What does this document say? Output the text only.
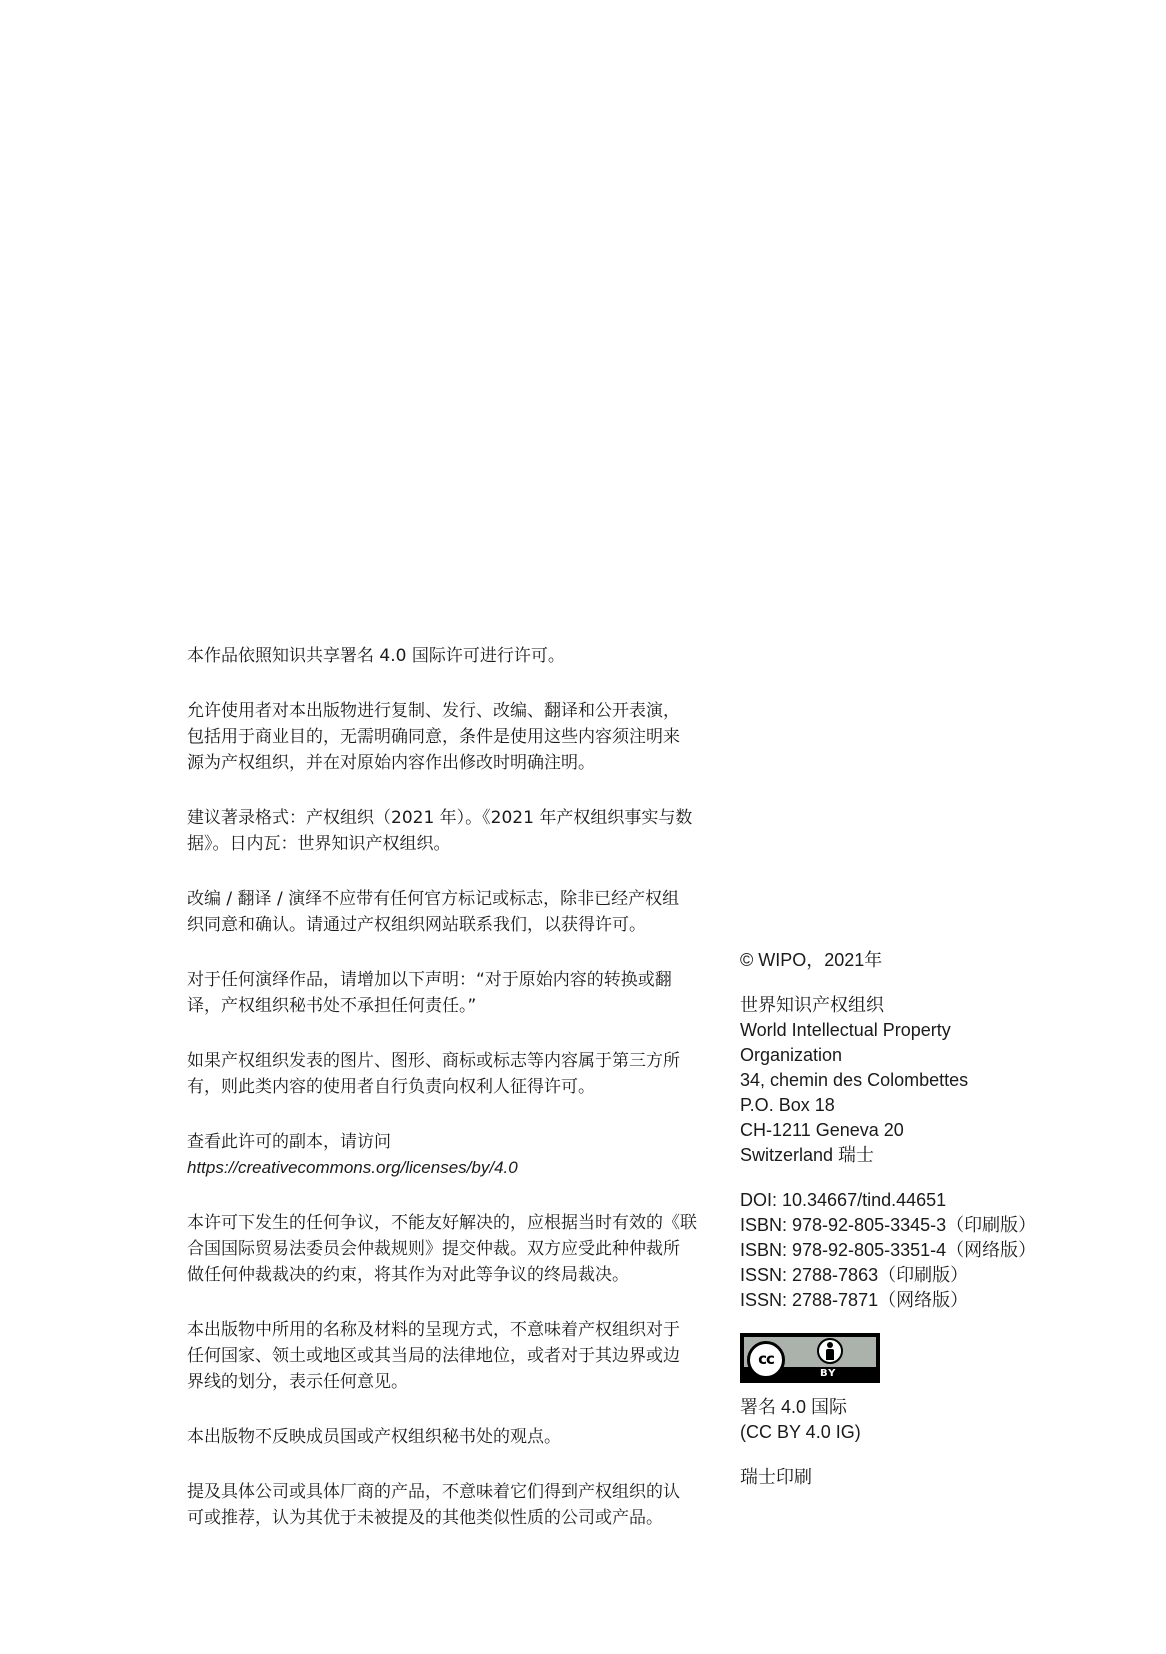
本作品依照知识共享署名 4.0 国际许可进行许可。

允许使用者对本出版物进行复制、发行、改编、翻译和公开表演，
包括用于商业目的，无需明确同意，条件是使用这些内容须注明来
源为产权组织，并在对原始内容作出修改时明确注明。

建议著录格式：产权组织（2021 年）。《2021 年产权组织事实与数
据》。日内瓦：世界知识产权组织。

改编 / 翻译 / 演绎不应带有任何官方标记或标志，除非已经产权组
织同意和确认。请通过产权组织网站联系我们，以获得许可。

对于任何演绎作品，请增加以下声明：“对于原始内容的转换或翻
译，产权组织秘书处不承担任何责任。”

如果产权组织发表的图片、图形、商标或标志等内容属于第三方所
有，则此类内容的使用者自行负责向权利人征得许可。

查看此许可的副本，请访问
https://creativecommons.org/licenses/by/4.0

本许可下发生的任何争议，不能友好解决的，应根据当时有效的《联
合国国际贸易法委员会仲裁规则》提交仲裁。双方应受此种仲裁所
做任何仲裁裁决的约束，将其作为对此等争议的终局裁决。

本出版物中所用的名称及材料的呈现方式，不意味着产权组织对于
任何国家、领土或地区或其当局的法律地位，或者对于其边界或边
界线的划分，表示任何意见。

本出版物不反映成员国或产权组织秘书处的观点。

提及具体公司或具体厂商的产品，不意味着它们得到产权组织的认
可或推荐，认为其优于未被提及的其他类似性质的公司或产品。

© WIPO，2021年
世界知识产权组织
World Intellectual Property
Organization
34, chemin des Colombettes
P.O. Box 18
CH-1211 Geneva 20
Switzerland 瑞士
DOI: 10.34667/tind.44651
ISBN: 978-92-805-3345-3（印刷版）
ISBN: 978-92-805-3351-4（网络版）
ISSN: 2788-7863（印刷版）
ISSN: 2788-7871（网络版）
cc
BY
署名 4.0 国际
(CC BY 4.0 IG)
瑞士印刷
